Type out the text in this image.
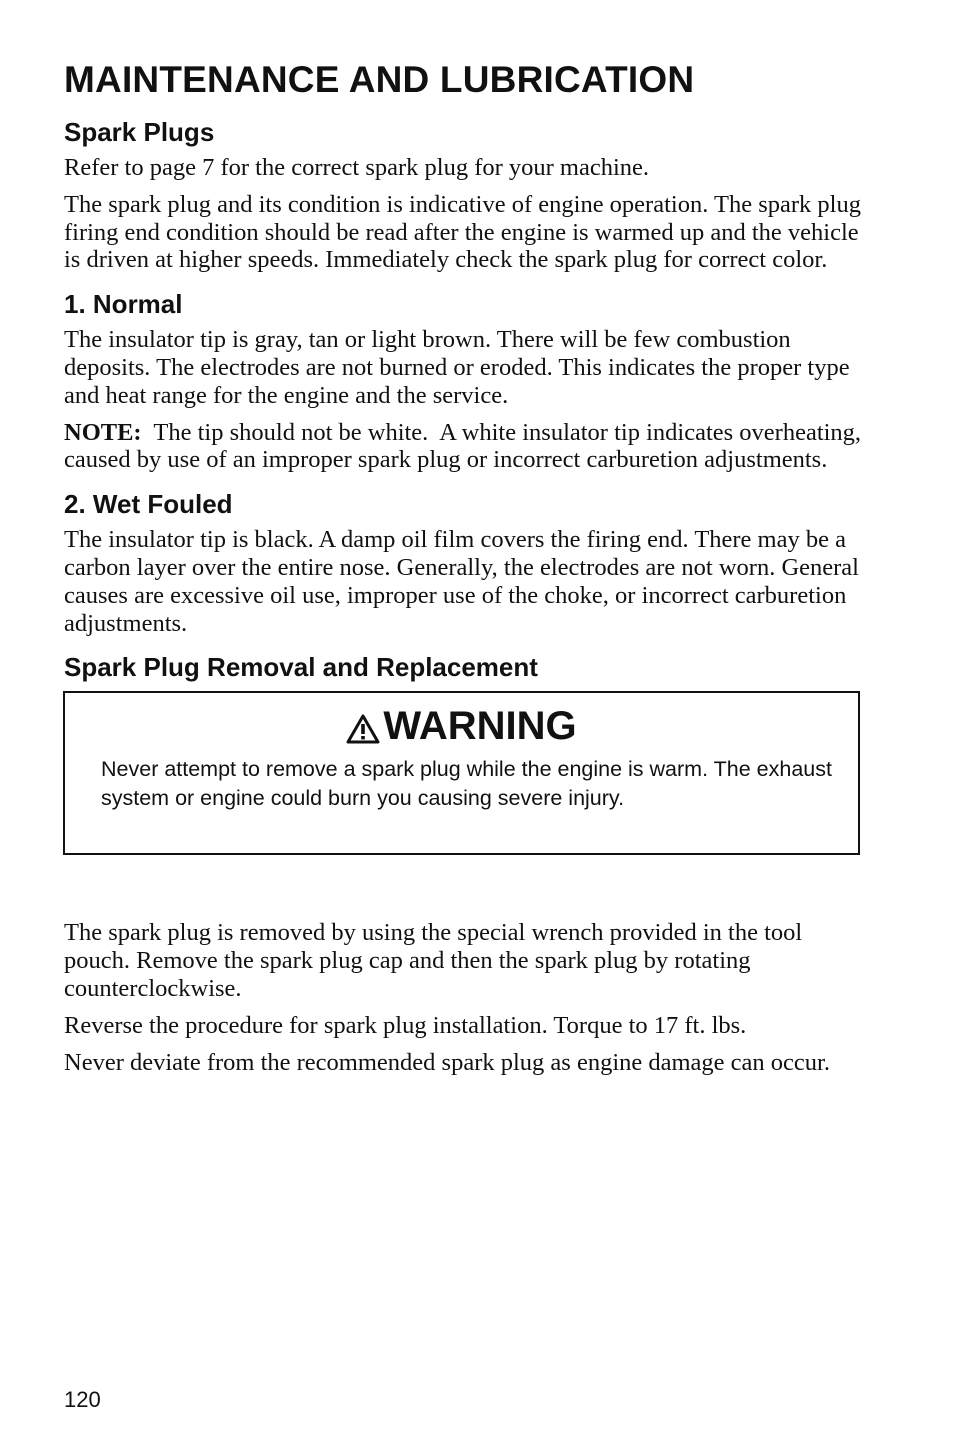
MAINTENANCE AND LUBRICATION
Spark Plugs

Refer to page 7 for the correct spark plug for your machine.

The spark plug and its condition is indicative of engine operation. The spark plug firing end condition should be read after the engine is warmed up and the vehicle is driven at higher speeds. Immediately check the spark plug for correct color.

1. Normal

The insulator tip is gray, tan or light brown. There will be few combustion deposits. The electrodes are not burned or eroded. This indicates the proper type and heat range for the engine and the service.

NOTE:  The tip should not be white.  A white insulator tip indicates overheating, caused by use of an improper spark plug or incorrect carburetion adjustments.

2. Wet Fouled

The insulator tip is black. A damp oil film covers the firing end. There may be a carbon layer over the entire nose. Generally, the electrodes are not worn. General causes are excessive oil use, improper use of the choke, or incorrect carburetion adjustments.

Spark Plug Removal and Replacement
WARNING

Never attempt to remove a spark plug while the engine is warm. The exhaust system or engine could burn you causing severe injury.

The spark plug is removed by using the special wrench provided in the tool pouch. Remove the spark plug cap and then the spark plug by rotating counterclockwise.

Reverse the procedure for spark plug installation. Torque to 17 ft. lbs.

Never deviate from the recommended spark plug as engine damage can occur.

120
